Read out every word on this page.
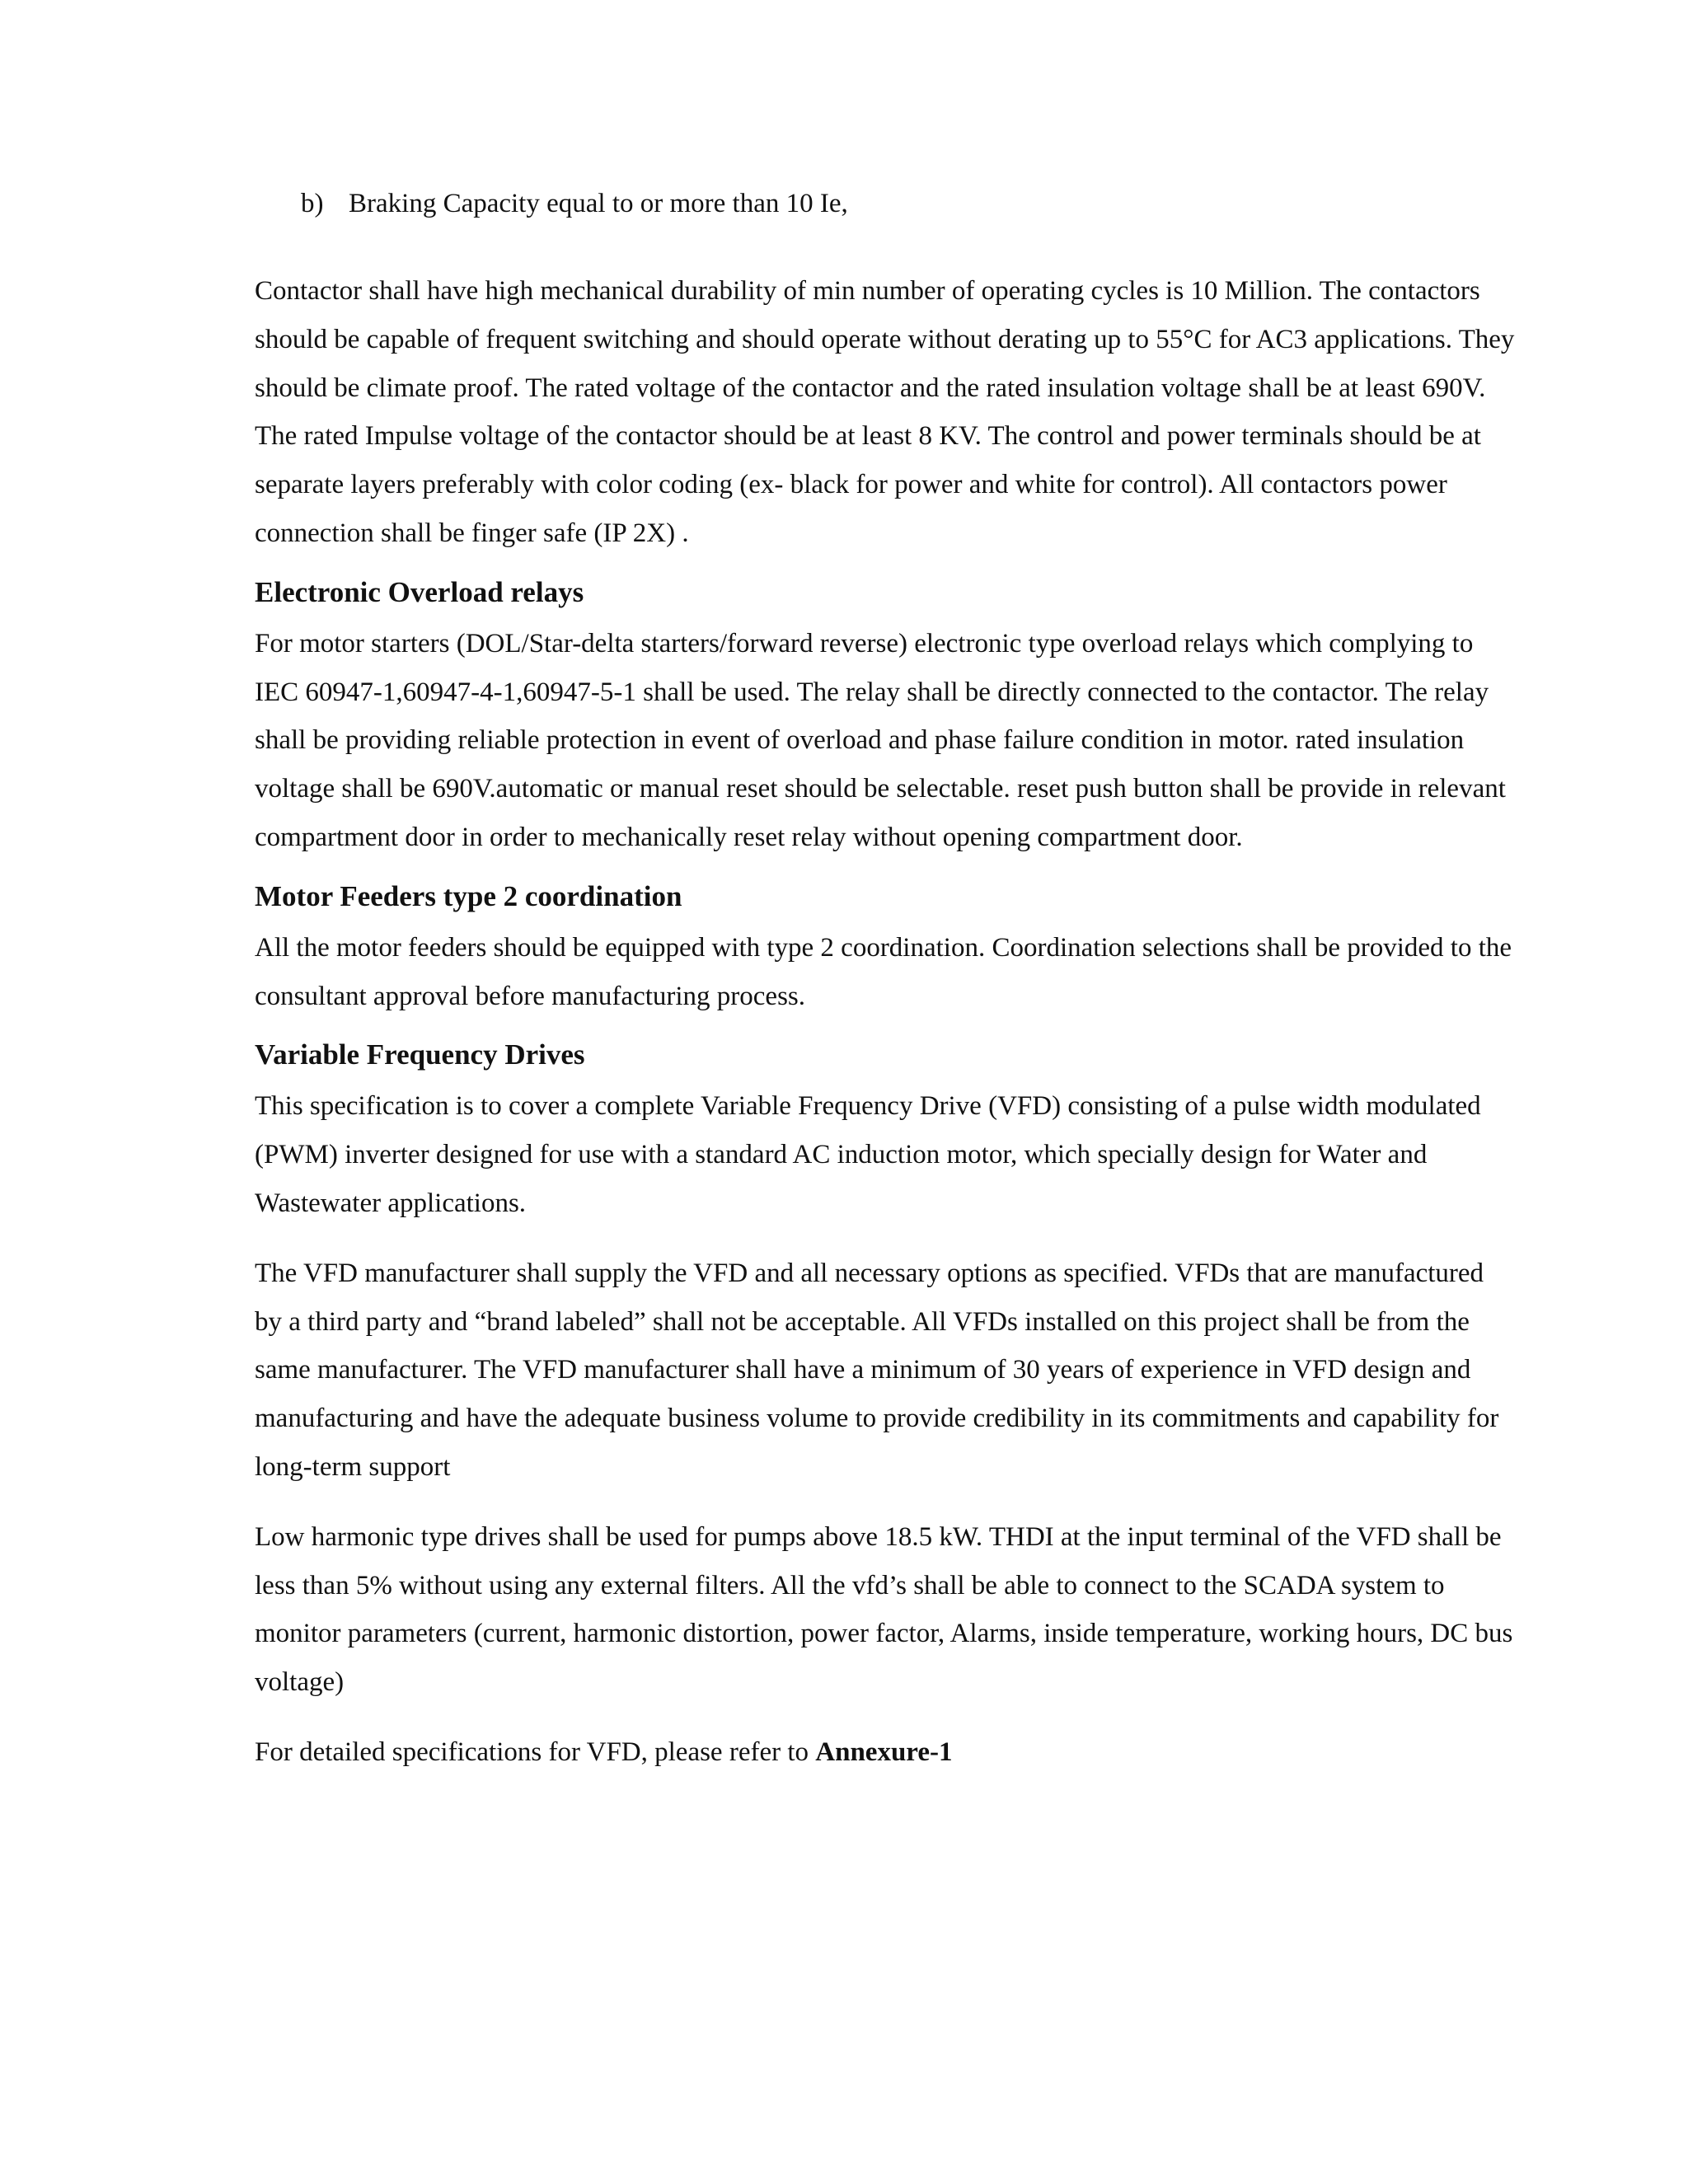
b) Braking Capacity equal to or more than 10 Ie,

Contactor shall have high mechanical durability of min number of operating cycles is 10 Million. The contactors should be capable of frequent switching and should operate without derating up to 55°C for AC3 applications. They should be climate proof. The rated voltage of the contactor and the rated insulation voltage shall be at least 690V. The rated Impulse voltage of the contactor should be at least 8 KV. The control and power terminals should be at separate layers preferably with color coding (ex- black for power and white for control). All contactors power connection shall be finger safe (IP 2X) .

Electronic Overload relays

For motor starters (DOL/Star-delta starters/forward reverse) electronic type overload relays which complying to IEC 60947-1,60947-4-1,60947-5-1 shall be used. The relay shall be directly connected to the contactor. The relay shall be providing reliable protection in event of overload and phase failure condition in motor. rated insulation voltage shall be 690V.automatic or manual reset should be selectable. reset push button shall be provide in relevant compartment door in order to mechanically reset relay without opening compartment door.

Motor Feeders type 2 coordination

All the motor feeders should be equipped with type 2 coordination. Coordination selections shall be provided to the consultant approval before manufacturing process.

Variable Frequency Drives

This specification is to cover a complete Variable Frequency Drive (VFD) consisting of a pulse width modulated (PWM) inverter designed for use with a standard AC induction motor, which specially design for Water and Wastewater applications.

The VFD manufacturer shall supply the VFD and all necessary options as specified. VFDs that are manufactured by a third party and “brand labeled” shall not be acceptable. All VFDs installed on this project shall be from the same manufacturer. The VFD manufacturer shall have a minimum of 30 years of experience in VFD design and manufacturing and have the adequate business volume to provide credibility in its commitments and capability for long-term support

Low harmonic type drives shall be used for pumps above 18.5 kW. THDI at the input terminal of the VFD shall be less than 5% without using any external filters. All the vfd’s shall be able to connect to the SCADA system to monitor parameters (current, harmonic distortion, power factor, Alarms, inside temperature, working hours, DC bus voltage)

For detailed specifications for VFD, please refer to Annexure-1
